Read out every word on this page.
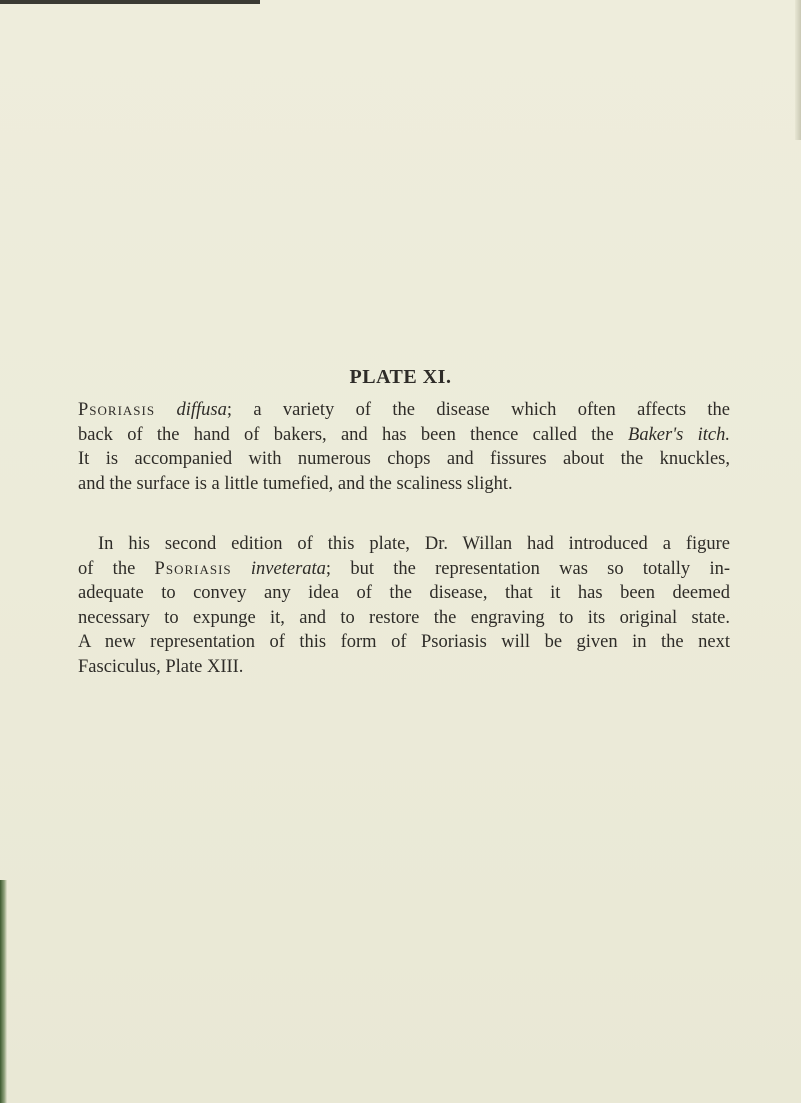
PLATE XI.

Psoriasis diffusa; a variety of the disease which often affects the
back of the hand of bakers, and has been thence called the Baker's itch.
It is accompanied with numerous chops and fissures about the knuckles,
and the surface is a little tumefied, and the scaliness slight.

In his second edition of this plate, Dr. Willan had introduced a figure
of the Psoriasis inveterata; but the representation was so totally in-
adequate to convey any idea of the disease, that it has been deemed
necessary to expunge it, and to restore the engraving to its original state.
A new representation of this form of Psoriasis will be given in the next
Fasciculus, Plate XIII.
